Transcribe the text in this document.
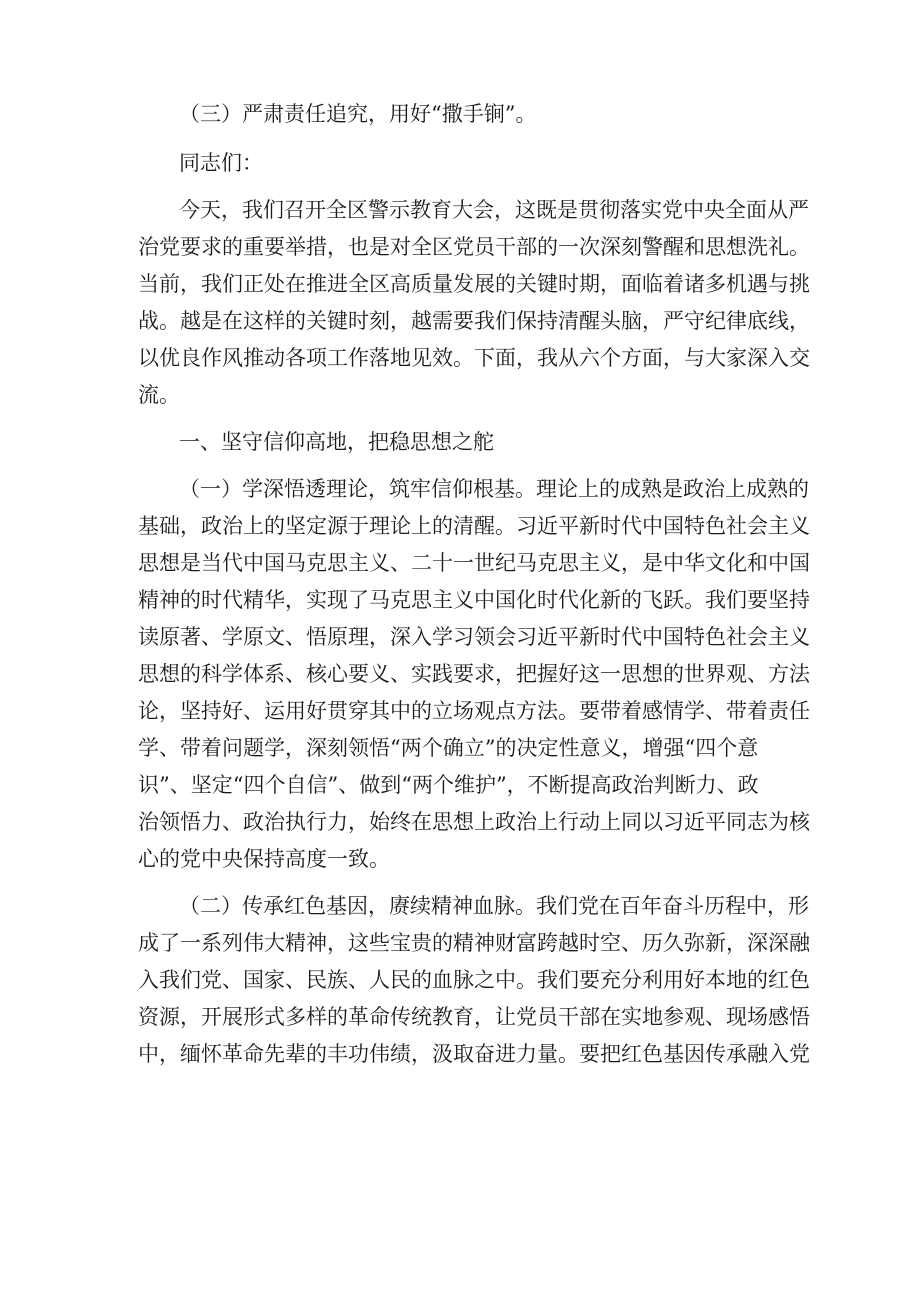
（三）严肃责任追究，用好“撒手锏”。
同志们：
今天，我们召开全区警示教育大会，这既是贯彻落实党中央全面从严
治党要求的重要举措，也是对全区党员干部的一次深刻警醒和思想洗礼。
当前，我们正处在推进全区高质量发展的关键时期，面临着诸多机遇与挑
战。越是在这样的关键时刻，越需要我们保持清醒头脑，严守纪律底线，
以优良作风推动各项工作落地见效。下面，我从六个方面，与大家深入交
流。
一、坚守信仰高地，把稳思想之舵
（一）学深悟透理论，筑牢信仰根基。理论上的成熟是政治上成熟的
基础，政治上的坚定源于理论上的清醒。习近平新时代中国特色社会主义
思想是当代中国马克思主义、二十一世纪马克思主义，是中华文化和中国
精神的时代精华，实现了马克思主义中国化时代化新的飞跃。我们要坚持
读原著、学原文、悟原理，深入学习领会习近平新时代中国特色社会主义
思想的科学体系、核心要义、实践要求，把握好这一思想的世界观、方法
论，坚持好、运用好贯穿其中的立场观点方法。要带着感情学、带着责任
学、带着问题学，深刻领悟“两个确立”的决定性意义，增强“四个意
识”、坚定“四个自信”、做到“两个维护”，不断提高政治判断力、政
治领悟力、政治执行力，始终在思想上政治上行动上同以习近平同志为核
心的党中央保持高度一致。
（二）传承红色基因，赓续精神血脉。我们党在百年奋斗历程中，形
成了一系列伟大精神，这些宝贵的精神财富跨越时空、历久弥新，深深融
入我们党、国家、民族、人民的血脉之中。我们要充分利用好本地的红色
资源，开展形式多样的革命传统教育，让党员干部在实地参观、现场感悟
中，缅怀革命先辈的丰功伟绩，汲取奋进力量。要把红色基因传承融入党
